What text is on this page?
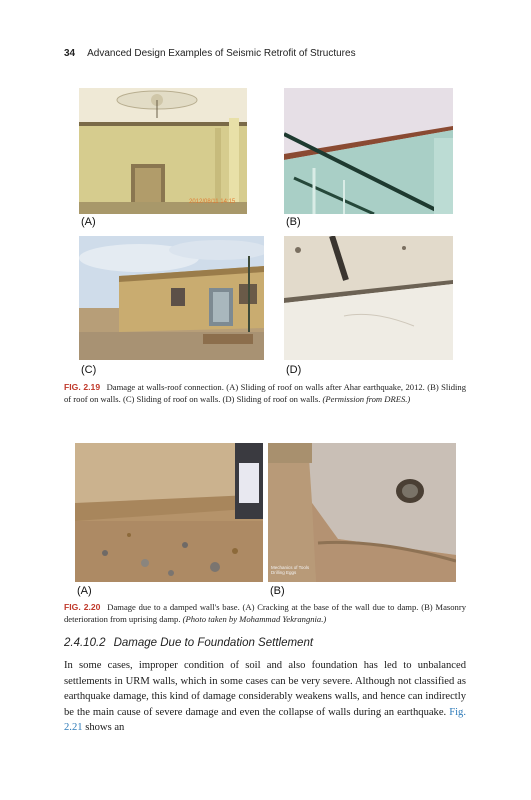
34 Advanced Design Examples of Seismic Retrofit of Structures
2012/08/11 14:15
(A)	(B)
(C)	(D)
FIG. 2.19 Damage at walls-roof connection. (A) Sliding of roof on walls after Ahar earthquake, 2012. (B) Sliding of roof on walls. (C) Sliding of roof on walls. (D) Sliding of roof on walls. (Permission from DRES.)
(A)
Mechanics of Tools Drilling Eggs
(B)
FIG. 2.20 Damage due to a damped wall's base. (A) Cracking at the base of the wall due to damp. (B) Masonry deterioration from uprising damp. (Photo taken by Mohammad Yekrangnia.)
2.4.10.2 Damage Due to Foundation Settlement
In some cases, improper condition of soil and also foundation has led to unbalanced settlements in URM walls, which in some cases can be very severe. Although not classified as earthquake damage, this kind of damage considerably weakens walls, and hence can indirectly be the main cause of severe damage and even the collapse of walls during an earthquake. Fig. 2.21 shows an
